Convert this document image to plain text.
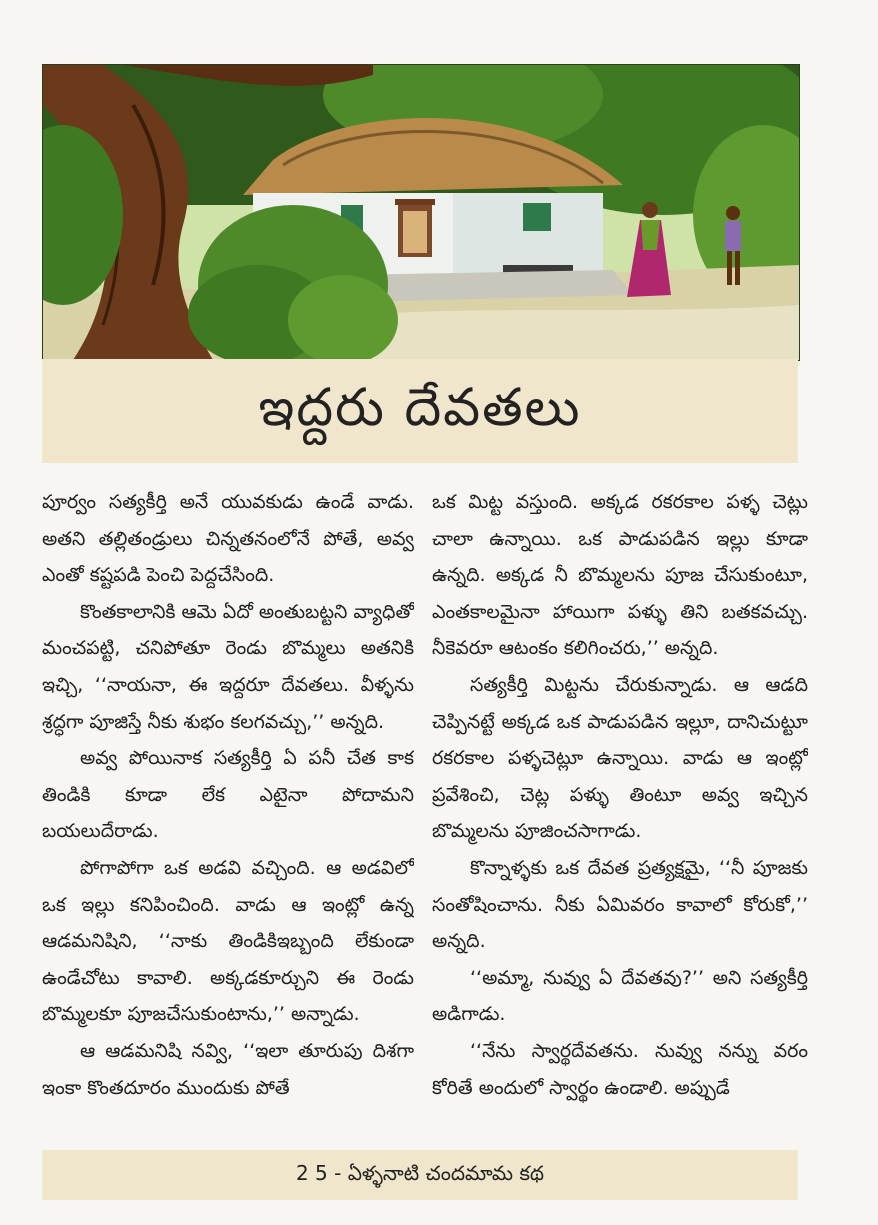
ఇద్దరు దేవతలు

పూర్వం సత్యకీర్తి అనే యువకుడు ఉండే వాడు. అతని తల్లితండ్రులు చిన్నతనంలోనే పోతే, అవ్వ ఎంతో కష్టపడి పెంచి పెద్దచేసింది.

కొంతకాలానికి ఆమె ఏదో అంతుబట్టని వ్యాధితో మంచపట్టి, చనిపోతూ రెండు బొమ్మలు అతనికి ఇచ్చి, ‘‘నాయనా, ఈ ఇద్దరూ దేవతలు. వీళ్ళను శ్రద్ధగా పూజిస్తే నీకు శుభం కలగవచ్చు,’’ అన్నది.

అవ్వ పోయినాక సత్యకీర్తి ఏ పనీ చేత కాక తిండికి కూడా లేక ఎటైనా పోదామని బయలుదేరాడు.

పోగాపోగా ఒక అడవి వచ్చింది. ఆ అడవిలో ఒక ఇల్లు కనిపించింది. వాడు ఆ ఇంట్లో ఉన్న ఆడమనిషిని, ‘‘నాకు తిండికిఇబ్బంది లేకుండా ఉండేచోటు కావాలి. అక్కడకూర్చుని ఈ రెండు బొమ్మలకూ పూజచేసుకుంటాను,’’ అన్నాడు.

ఆ ఆడమనిషి నవ్వి, ‘‘ఇలా తూరుపు దిశగా ఇంకా కొంతదూరం ముందుకు పోతే

ఒక మిట్ట వస్తుంది. అక్కడ రకరకాల పళ్ళ చెట్లు చాలా ఉన్నాయి. ఒక పాడుపడిన ఇల్లు కూడా ఉన్నది. అక్కడ నీ బొమ్మలను పూజ చేసుకుంటూ, ఎంతకాలమైనా హాయిగా పళ్ళు తిని బతకవచ్చు. నీకెవరూ ఆటంకం కలిగించరు,’’ అన్నది.

సత్యకీర్తి మిట్టను చేరుకున్నాడు. ఆ ఆడది చెప్పినట్టే అక్కడ ఒక పాడుపడిన ఇల్లూ, దానిచుట్టూ రకరకాల పళ్ళచెట్లూ ఉన్నాయి. వాడు ఆ ఇంట్లో ప్రవేశించి, చెట్ల పళ్ళు తింటూ అవ్వ ఇచ్చిన బొమ్మలను పూజించసాగాడు.

కొన్నాళ్ళకు ఒక దేవత ప్రత్యక్షమై, ‘‘నీ పూజకు సంతోషించాను. నీకు ఏమివరం కావాలో కోరుకో,’’ అన్నది.

‘‘అమ్మా, నువ్వు ఏ దేవతవు?’’ అని సత్యకీర్తి అడిగాడు.

‘‘నేను స్వార్థదేవతను. నువ్వు నన్ను వరం కోరితే అందులో స్వార్థం ఉండాలి. అప్పుడే

2 5 - ఏళ్ళనాటి చందమామ కథ
